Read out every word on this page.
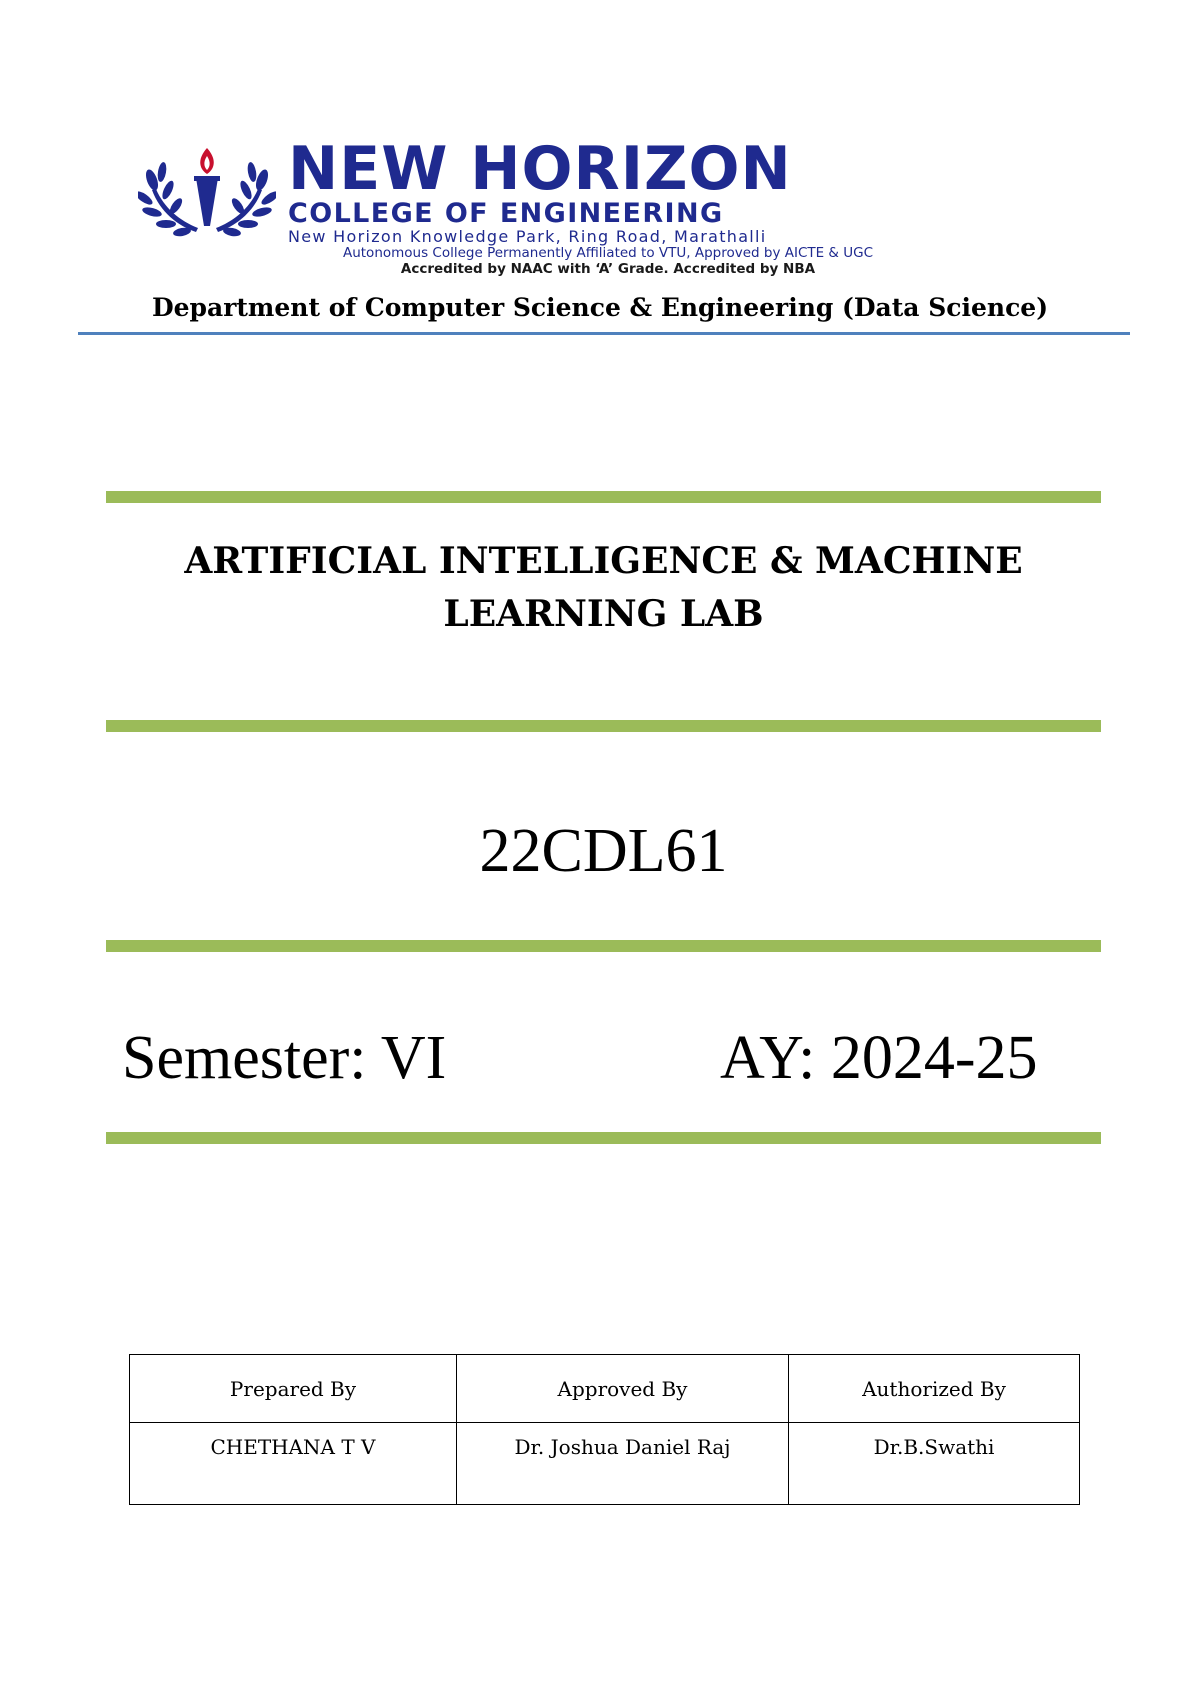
NEW HORIZON

COLLEGE OF ENGINEERING

New Horizon Knowledge Park, Ring Road, Marathalli

Autonomous College Permanently Affiliated to VTU, Approved by AICTE & UGC

Accredited by NAAC with ‘A’ Grade. Accredited by NBA

Department of Computer Science & Engineering (Data Science)
ARTIFICIAL INTELLIGENCE & MACHINE
LEARNING LAB
22CDL61
Semester: VI	AY: 2024-25
Prepared By	Approved By	Authorized By
CHETHANA T V	Dr. Joshua Daniel Raj	Dr.B.Swathi
